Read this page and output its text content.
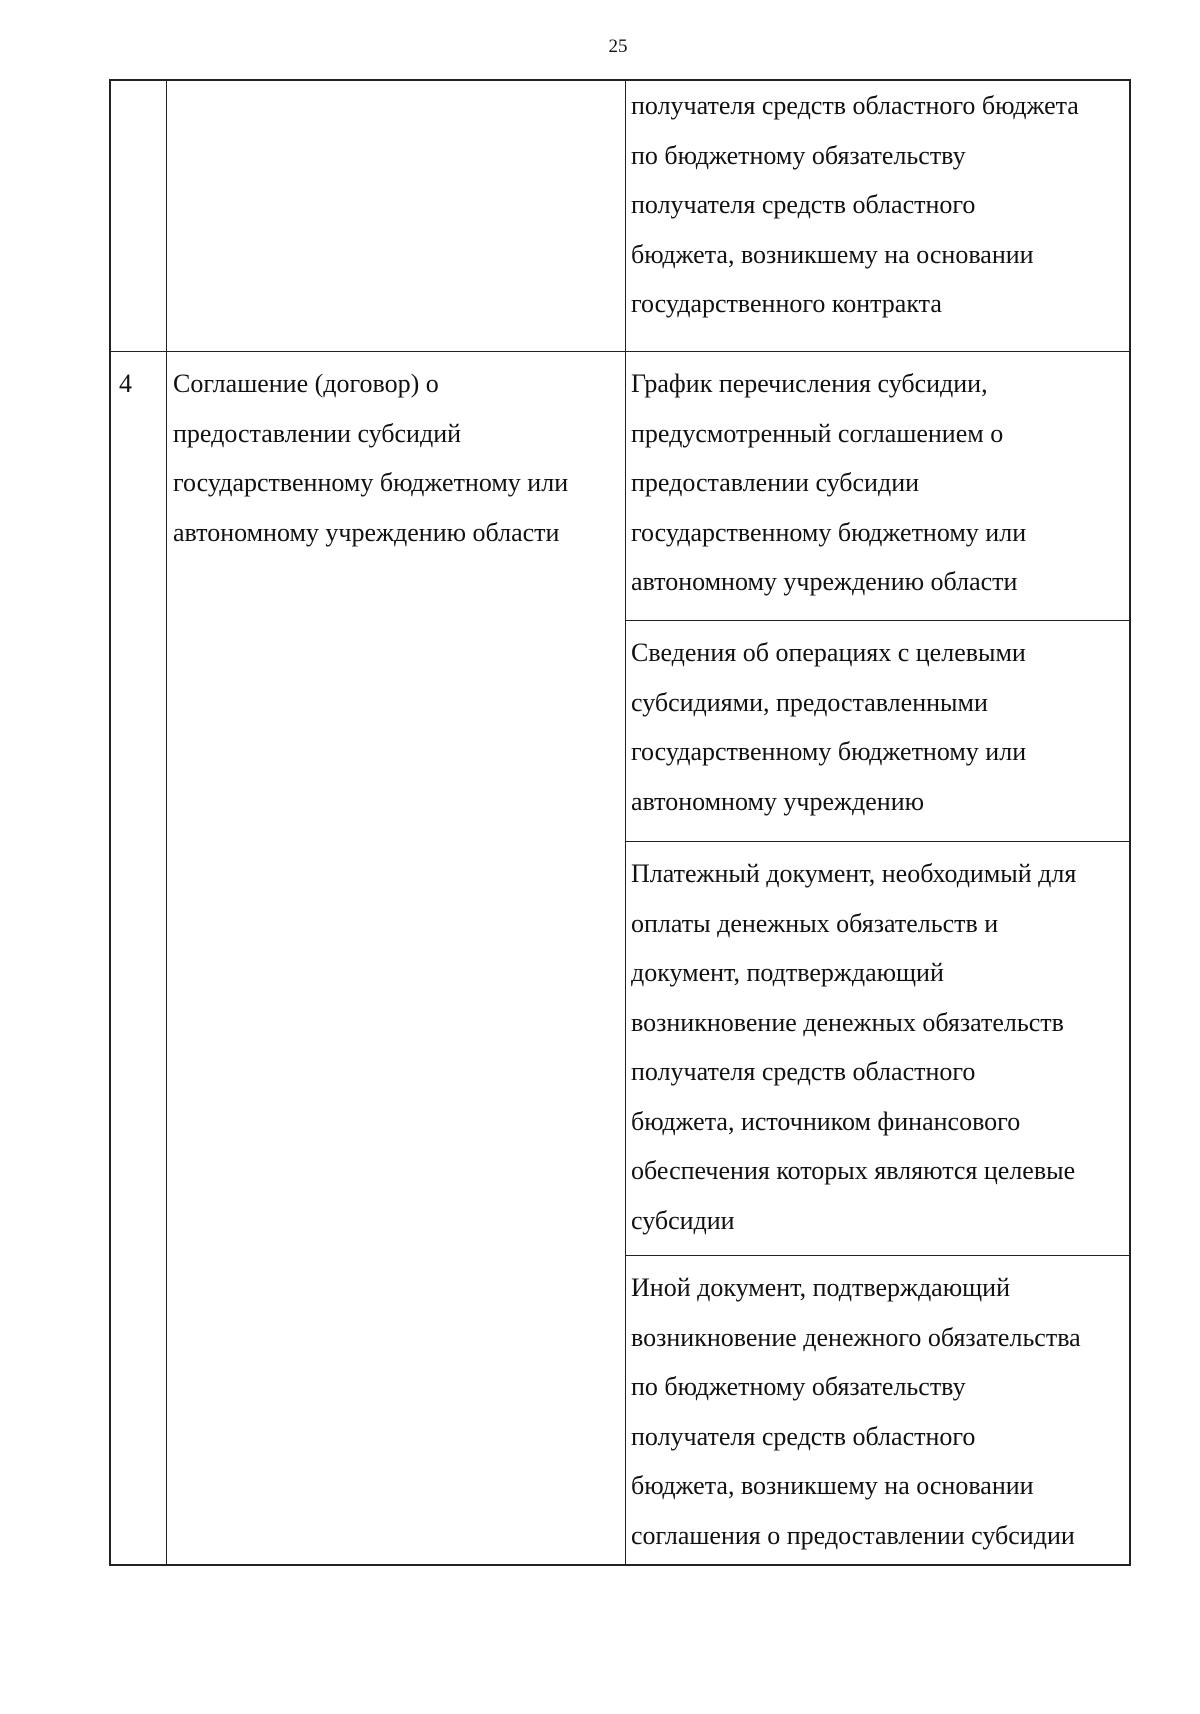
25
получателя средств областного бюджета
по бюджетному обязательству
получателя средств областного
бюджета, возникшему на основании
государственного контракта
4 Соглашение (договор) о
предоставлении субсидий
государственному бюджетному или
автономному учреждению области
График перечисления субсидии,
предусмотренный соглашением о
предоставлении субсидии
государственному бюджетному или
автономному учреждению области
Сведения об операциях с целевыми
субсидиями, предоставленными
государственному бюджетному или
автономному учреждению
Платежный документ, необходимый для
оплаты денежных обязательств и
документ, подтверждающий
возникновение денежных обязательств
получателя средств областного
бюджета, источником финансового
обеспечения которых являются целевые
субсидии
Иной документ, подтверждающий
возникновение денежного обязательства
по бюджетному обязательству
получателя средств областного
бюджета, возникшему на основании
соглашения о предоставлении субсидии
